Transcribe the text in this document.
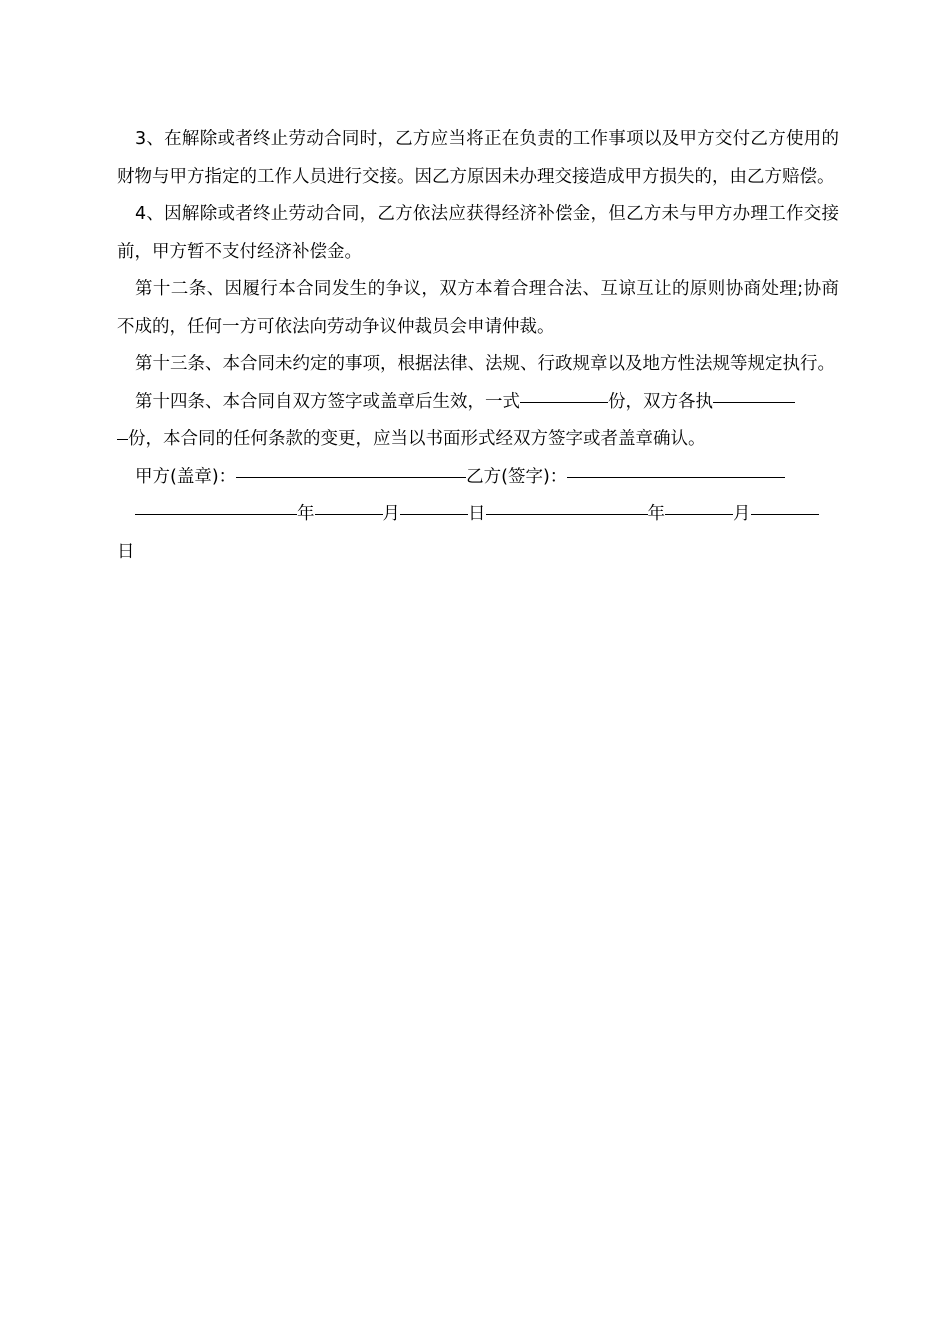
3、在解除或者终止劳动合同时，乙方应当将正在负责的工作事项以及甲方交付乙方使用的财物与甲方指定的工作人员进行交接。因乙方原因未办理交接造成甲方损失的，由乙方赔偿。

4、因解除或者终止劳动合同，乙方依法应获得经济补偿金，但乙方未与甲方办理工作交接前，甲方暂不支付经济补偿金。

第十二条、因履行本合同发生的争议，双方本着合理合法、互谅互让的原则协商处理;协商不成的，任何一方可依法向劳动争议仲裁员会申请仲裁。

第十三条、本合同未约定的事项，根据法律、法规、行政规章以及地方性法规等规定执行。

第十四条、本合同自双方签字或盖章后生效，一式	份，双方各执

份，本合同的任何条款的变更，应当以书面形式经双方签字或者盖章确认。

甲方(盖章)：	乙方(签字)：

年	月	日	年	月

日
